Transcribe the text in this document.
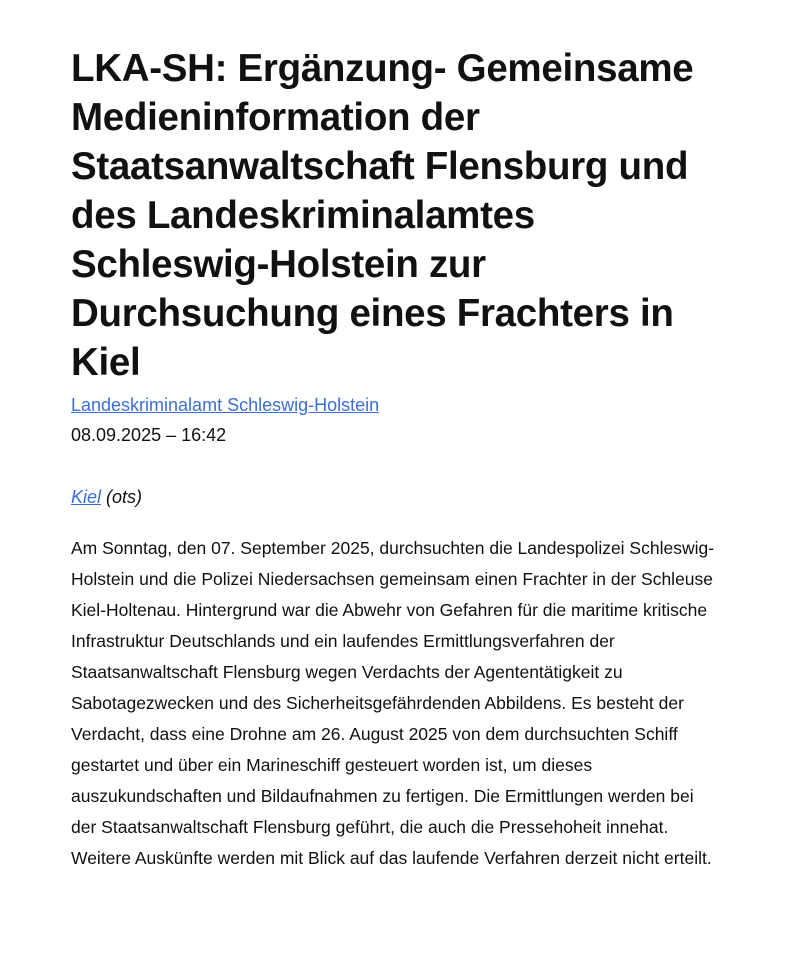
LKA-SH: Ergänzung- Gemeinsame Medieninformation der Staatsanwaltschaft Flensburg und des Landeskriminalamtes Schleswig-Holstein zur Durchsuchung eines Frachters in Kiel
Landeskriminalamt Schleswig-Holstein
08.09.2025 – 16:42
Kiel (ots)

Am Sonntag, den 07. September 2025, durchsuchten die Landespolizei Schleswig-Holstein und die Polizei Niedersachsen gemeinsam einen Frachter in der Schleuse Kiel-Holtenau. Hintergrund war die Abwehr von Gefahren für die maritime kritische Infrastruktur Deutschlands und ein laufendes Ermittlungsverfahren der Staatsanwaltschaft Flensburg wegen Verdachts der Agententätigkeit zu Sabotagezwecken und des Sicherheitsgefährdenden Abbildens. Es besteht der Verdacht, dass eine Drohne am 26. August 2025 von dem durchsuchten Schiff gestartet und über ein Marineschiff gesteuert worden ist, um dieses auszukundschaften und Bildaufnahmen zu fertigen. Die Ermittlungen werden bei der Staatsanwaltschaft Flensburg geführt, die auch die Pressehoheit innehat. Weitere Auskünfte werden mit Blick auf das laufende Verfahren derzeit nicht erteilt.
